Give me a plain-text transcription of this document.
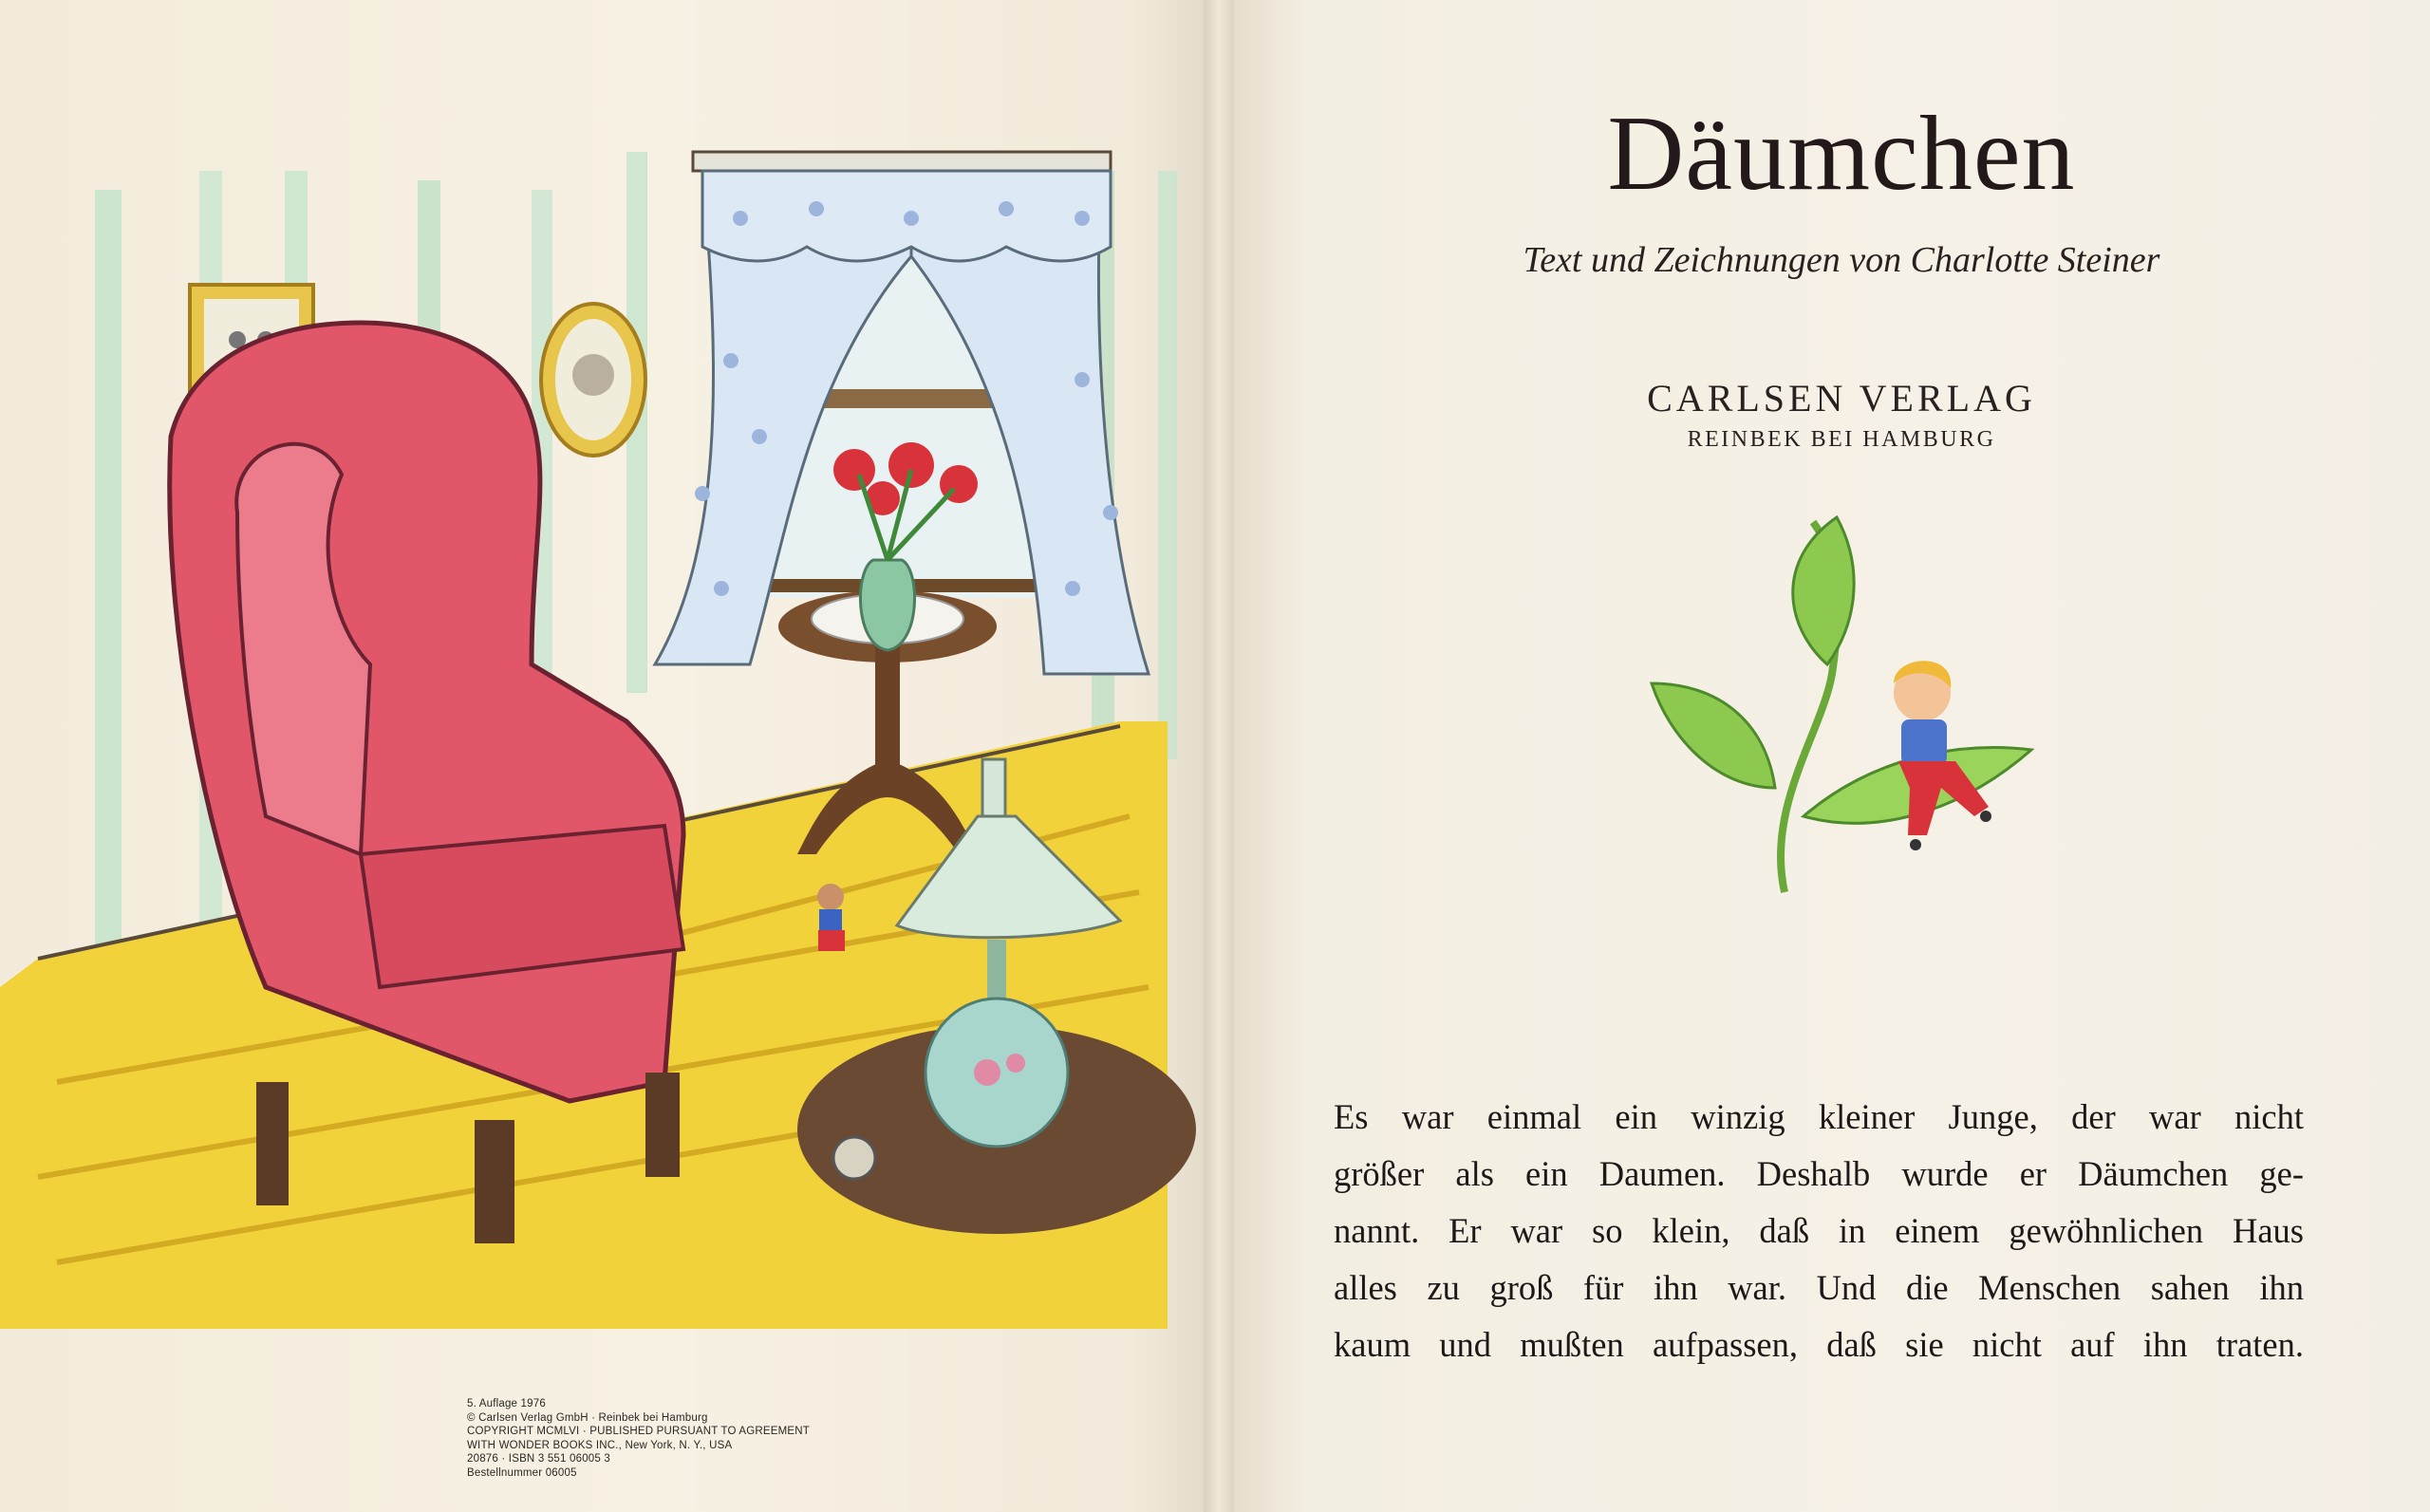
5. Auflage 1976
© Carlsen Verlag GmbH · Reinbek bei Hamburg
COPYRIGHT MCMLVI · PUBLISHED PURSUANT TO AGREEMENT
WITH WONDER BOOKS INC., New York, N. Y., USA
20876 · ISBN 3 551 06005 3
Bestellnummer 06005
Däumchen
Text und Zeichnungen von Charlotte Steiner
CARLSEN VERLAG
REINBEK BEI HAMBURG
Es war einmal ein winzig kleiner Junge, der war nicht
größer als ein Daumen. Deshalb wurde er Däumchen ge-
nannt. Er war so klein, daß in einem gewöhnlichen Haus
alles zu groß für ihn war. Und die Menschen sahen ihn
kaum und mußten aufpassen, daß sie nicht auf ihn traten.
